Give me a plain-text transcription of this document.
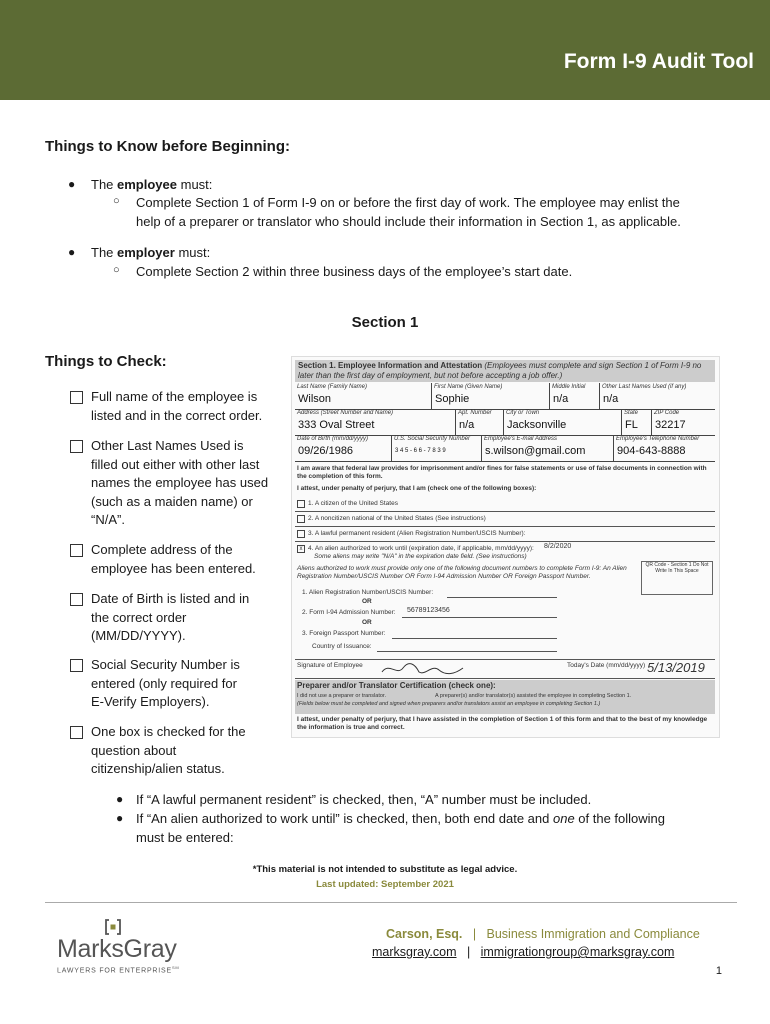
Form I-9 Audit Tool
Things to Know before Beginning:
● The employee must:
○ Complete Section 1 of Form I-9 on or before the first day of work. The employee may enlist the
help of a preparer or translator who should include their information in Section 1, as applicable.
● The employer must:
○ Complete Section 2 within three business days of the employee’s start date.
Section 1
Things to Check:
Full name of the employee is
listed and in the correct order.
Other Last Names Used is
filled out either with other last
names the employee has used
(such as a maiden name) or
“N/A”.
Complete address of the
employee has been entered.
Date of Birth is listed and in
the correct order
(MM/DD/YYYY).
Social Security Number is
entered (only required for
E-Verify Employers).
One box is checked for the
question about
citizenship/alien status.
Section 1. Employee Information and Attestation (Employees must complete and sign Section 1 of Form I-9 no later than the first day of employment, but not before accepting a job offer.)
Last Name (Family Name)
Wilson
First Name (Given Name)
Sophie
Middle Initial
n/a
Other Last Names Used (if any)
n/a
Address (Street Number and Name)
333 Oval Street
Apt. Number
n/a
City or Town
Jacksonville
State
FL
ZIP Code
32217
Date of Birth (mm/dd/yyyy)
09/26/1986
U.S. Social Security Number
3 4 5 - 6 6 - 7 8 3 9
Employee's E-mail Address
s.wilson@gmail.com
Employee's Telephone Number
904-643-8888
I am aware that federal law provides for imprisonment and/or fines for false statements or use of false documents in connection with the completion of this form.
I attest, under penalty of perjury, that I am (check one of the following boxes):
1. A citizen of the United States
2. A noncitizen national of the United States (See instructions)
3. A lawful permanent resident (Alien Registration Number/USCIS Number):
x 4. An alien authorized to work until (expiration date, if applicable, mm/dd/yyyy): 8/2/2020
Some aliens may write "N/A" in the expiration date field. (See instructions)
Aliens authorized to work must provide only one of the following document numbers to complete Form I-9: An Alien Registration Number/USCIS Number OR Form I-94 Admission Number OR Foreign Passport Number.
QR Code - Section 1 Do Not Write In This Space
1. Alien Registration Number/USCIS Number:
OR
2. Form I-94 Admission Number: 56789123456
OR
3. Foreign Passport Number:
Country of Issuance:
Signature of Employee	Today's Date (mm/dd/yyyy) 5/13/2019
Preparer and/or Translator Certification (check one):
I did not use a preparer or translator.	A preparer(s) and/or translator(s) assisted the employee in completing Section 1.
(Fields below must be completed and signed when preparers and/or translators assist an employee in completing Section 1.)
I attest, under penalty of perjury, that I have assisted in the completion of Section 1 of this form and that to the best of my knowledge the information is true and correct.
● If “A lawful permanent resident” is checked, then, “A” number must be included.
● If “An alien authorized to work until” is checked, then, both end date and one of the following
must be entered:
*This material is not intended to substitute as legal advice.
Last updated: September 2021
MarksGray
LAWYERS FOR ENTERPRISE℠
Carson, Esq. | Business Immigration and Compliance
marksgray.com | immigrationgroup@marksgray.com
1
